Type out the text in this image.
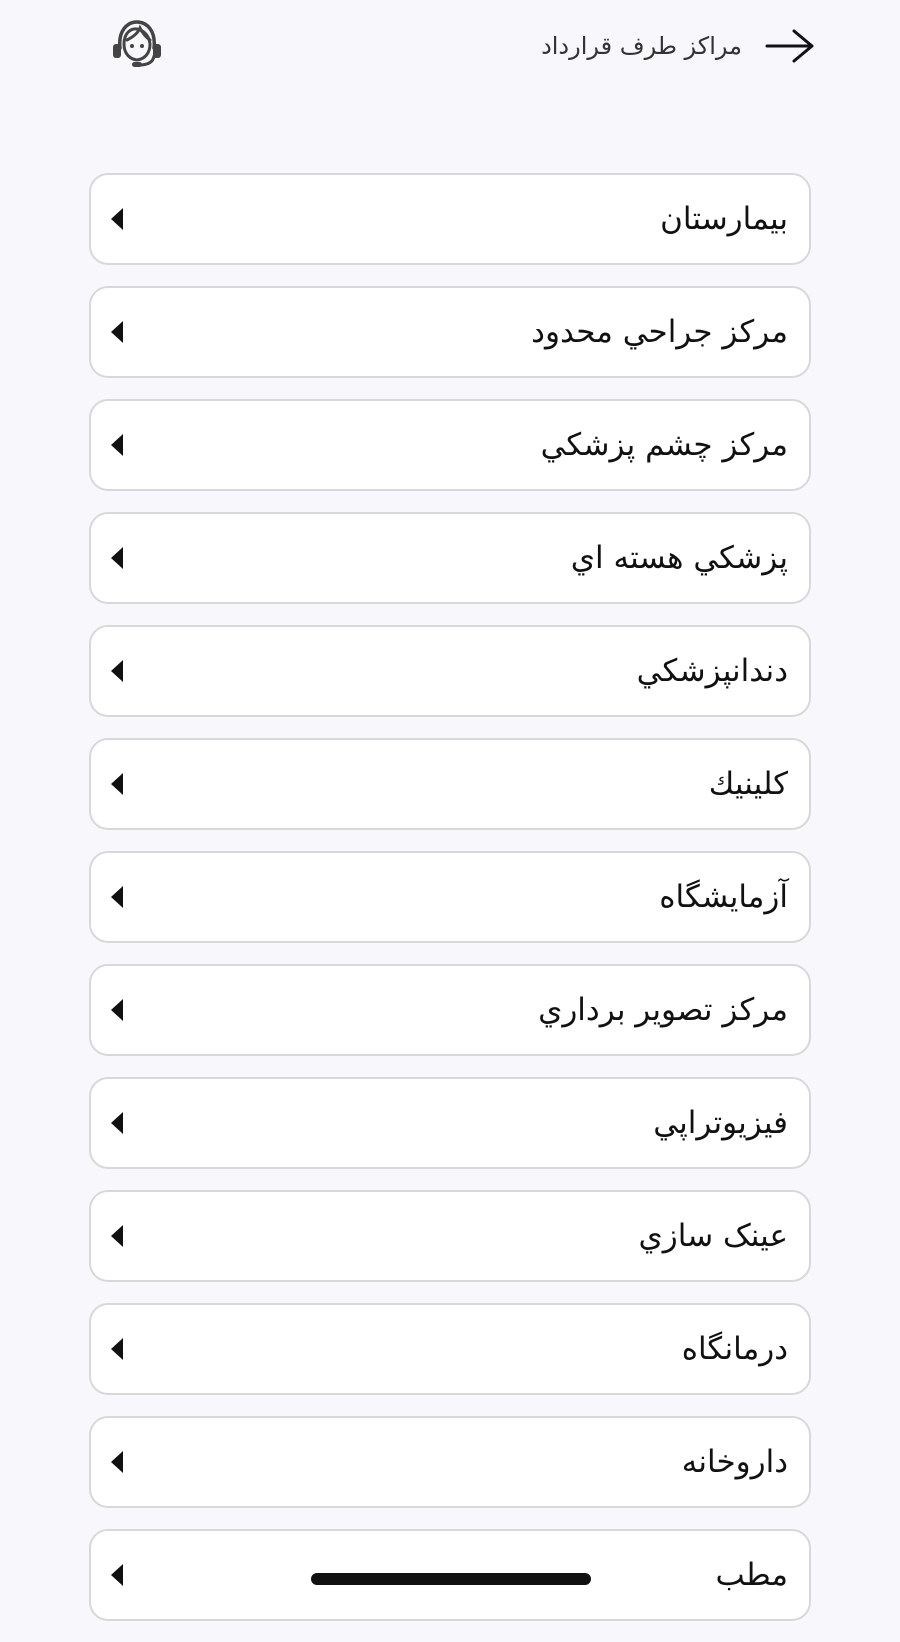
مراكز طرف قرارداد
بيمارستان
مرکز جراحي محدود
مرکز چشم پزشکي
پزشکي هسته اي
دندانپزشکي
کلينيك
آزمايشگاه
مرکز تصوير برداري
فيزيوتراپي
عينک سازي
درمانگاه
داروخانه
مطب
